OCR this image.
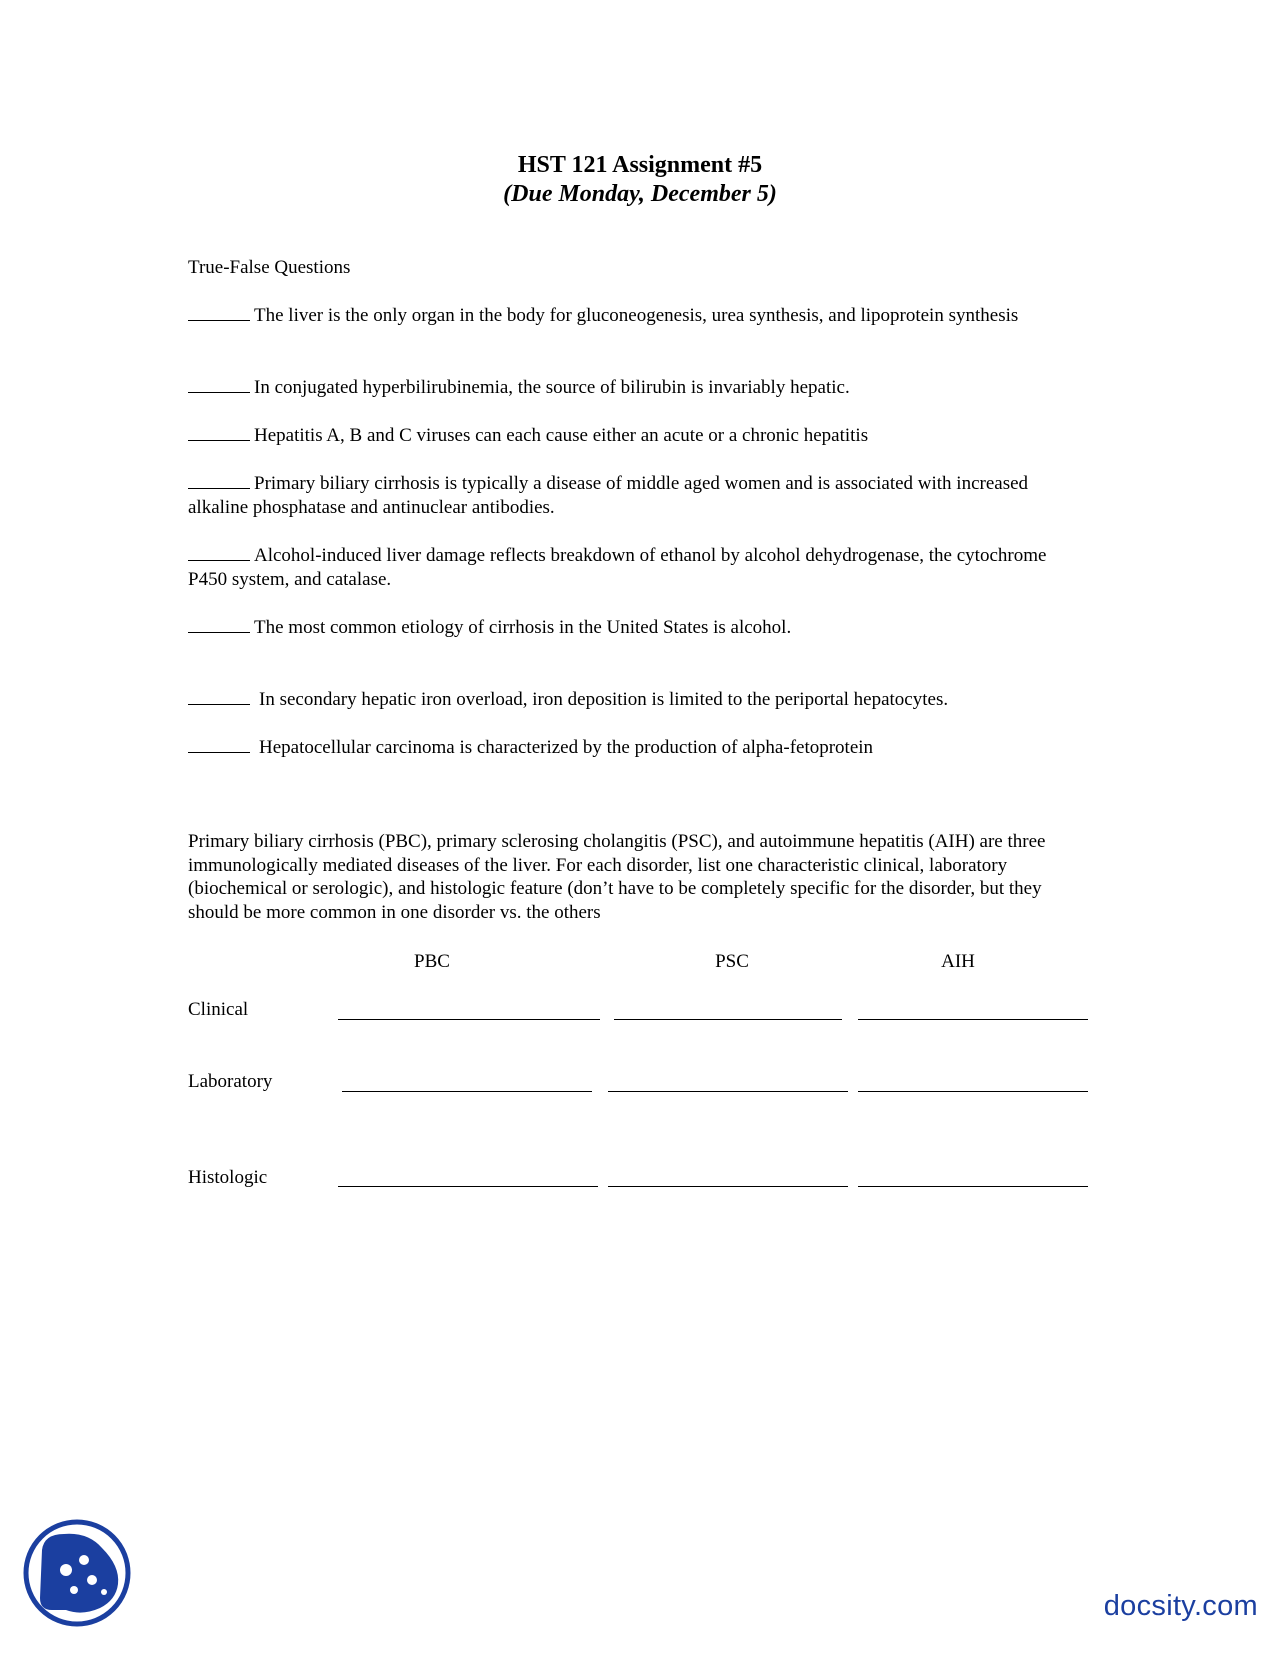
HST 121 Assignment #5
(Due Monday, December 5)
True-False Questions
The liver is the only organ in the body for gluconeogenesis, urea synthesis, and lipoprotein synthesis
In conjugated hyperbilirubinemia, the source of bilirubin is invariably hepatic.
Hepatitis A, B and C viruses can each cause either an acute or a chronic hepatitis
Primary biliary cirrhosis is typically a disease of middle aged women and is associated with increased alkaline phosphatase and antinuclear antibodies.
Alcohol-induced liver damage reflects breakdown of ethanol by alcohol dehydrogenase, the cytochrome P450 system, and catalase.
The most common etiology of cirrhosis in the United States is alcohol.
In secondary hepatic iron overload, iron deposition is limited to the periportal hepatocytes.
Hepatocellular carcinoma is characterized by the production of alpha-fetoprotein
Primary biliary cirrhosis (PBC), primary sclerosing cholangitis (PSC), and autoimmune hepatitis (AIH) are three immunologically mediated diseases of the liver. For each disorder, list one characteristic clinical, laboratory (biochemical or serologic), and histologic feature (don’t have to be completely specific for the disorder, but they should be more common in one disorder vs. the others
PBC	PSC	AIH
Clinical
Laboratory
Histologic
docsity.com
